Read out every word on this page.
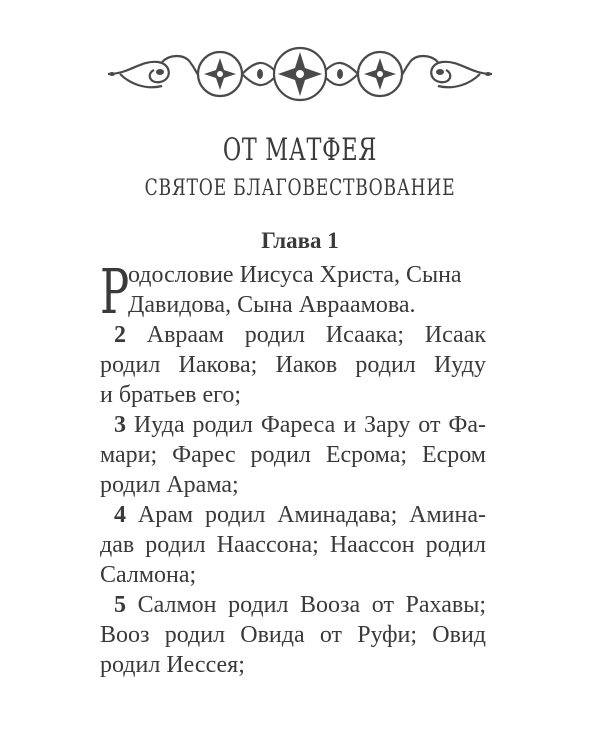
ОТ МАТФЕЯ
СВЯТОЕ БЛАГОВЕСТВОВАНИЕ
Глава 1
Р
одословие Иисуса Христа, Сына
Давидова, Сына Авраамова.
2 Авраам родил Исаака; Исаак
родил Иакова; Иаков родил Иуду
и братьев его;
3 Иуда родил Фареса и Зару от Фа-
мари; Фарес родил Есрома; Есром
родил Арама;
4 Арам родил Аминадава; Амина-
дав родил Наассона; Наассон родил
Салмона;
5 Салмон родил Вооза от Рахавы;
Вооз родил Овида от Руфи; Овид
родил Иессея;
